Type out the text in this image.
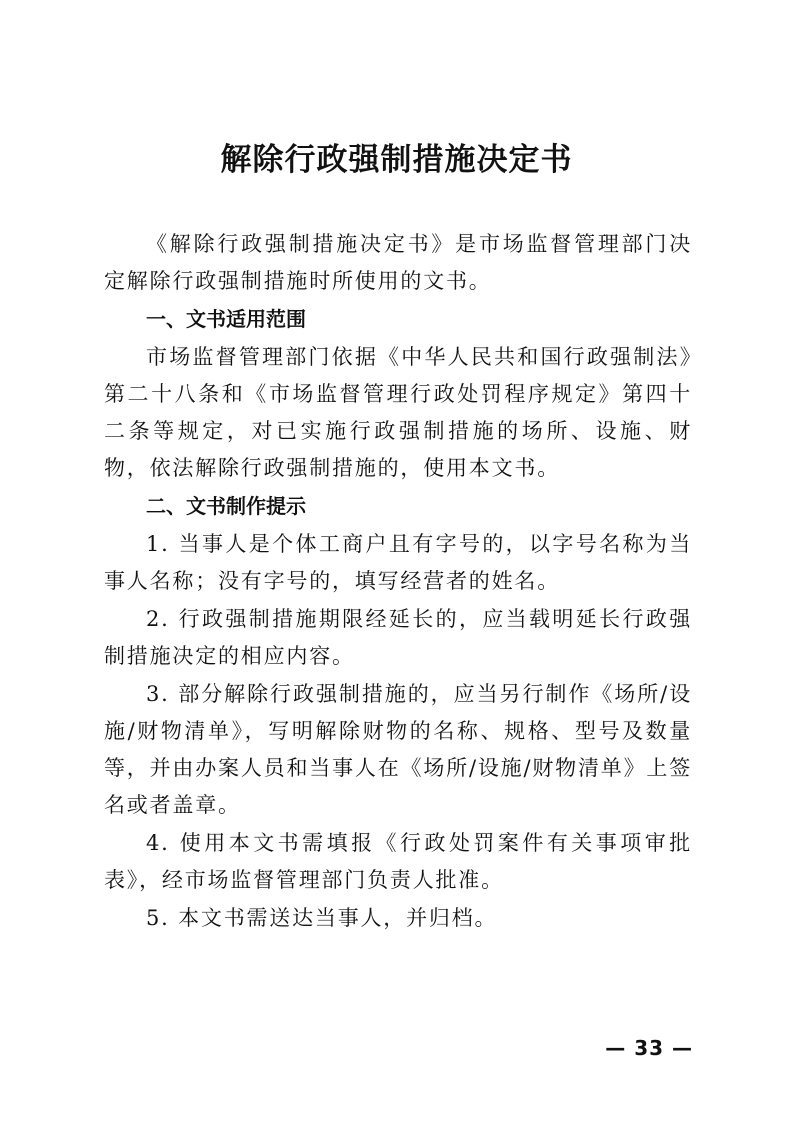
解除行政强制措施决定书

《解除行政强制措施决定书》是市场监督管理部门决定解除行政强制措施时所使用的文书。

一、文书适用范围

市场监督管理部门依据《中华人民共和国行政强制法》第二十八条和《市场监督管理行政处罚程序规定》第四十二条等规定，对已实施行政强制措施的场所、设施、财物，依法解除行政强制措施的，使用本文书。

二、文书制作提示

1. 当事人是个体工商户且有字号的，以字号名称为当事人名称；没有字号的，填写经营者的姓名。

2. 行政强制措施期限经延长的，应当载明延长行政强制措施决定的相应内容。

3. 部分解除行政强制措施的，应当另行制作《场所/设施/财物清单》，写明解除财物的名称、规格、型号及数量等，并由办案人员和当事人在《场所/设施/财物清单》上签名或者盖章。

4. 使用本文书需填报《行政处罚案件有关事项审批表》，经市场监督管理部门负责人批准。

5. 本文书需送达当事人，并归档。

— 33 —
